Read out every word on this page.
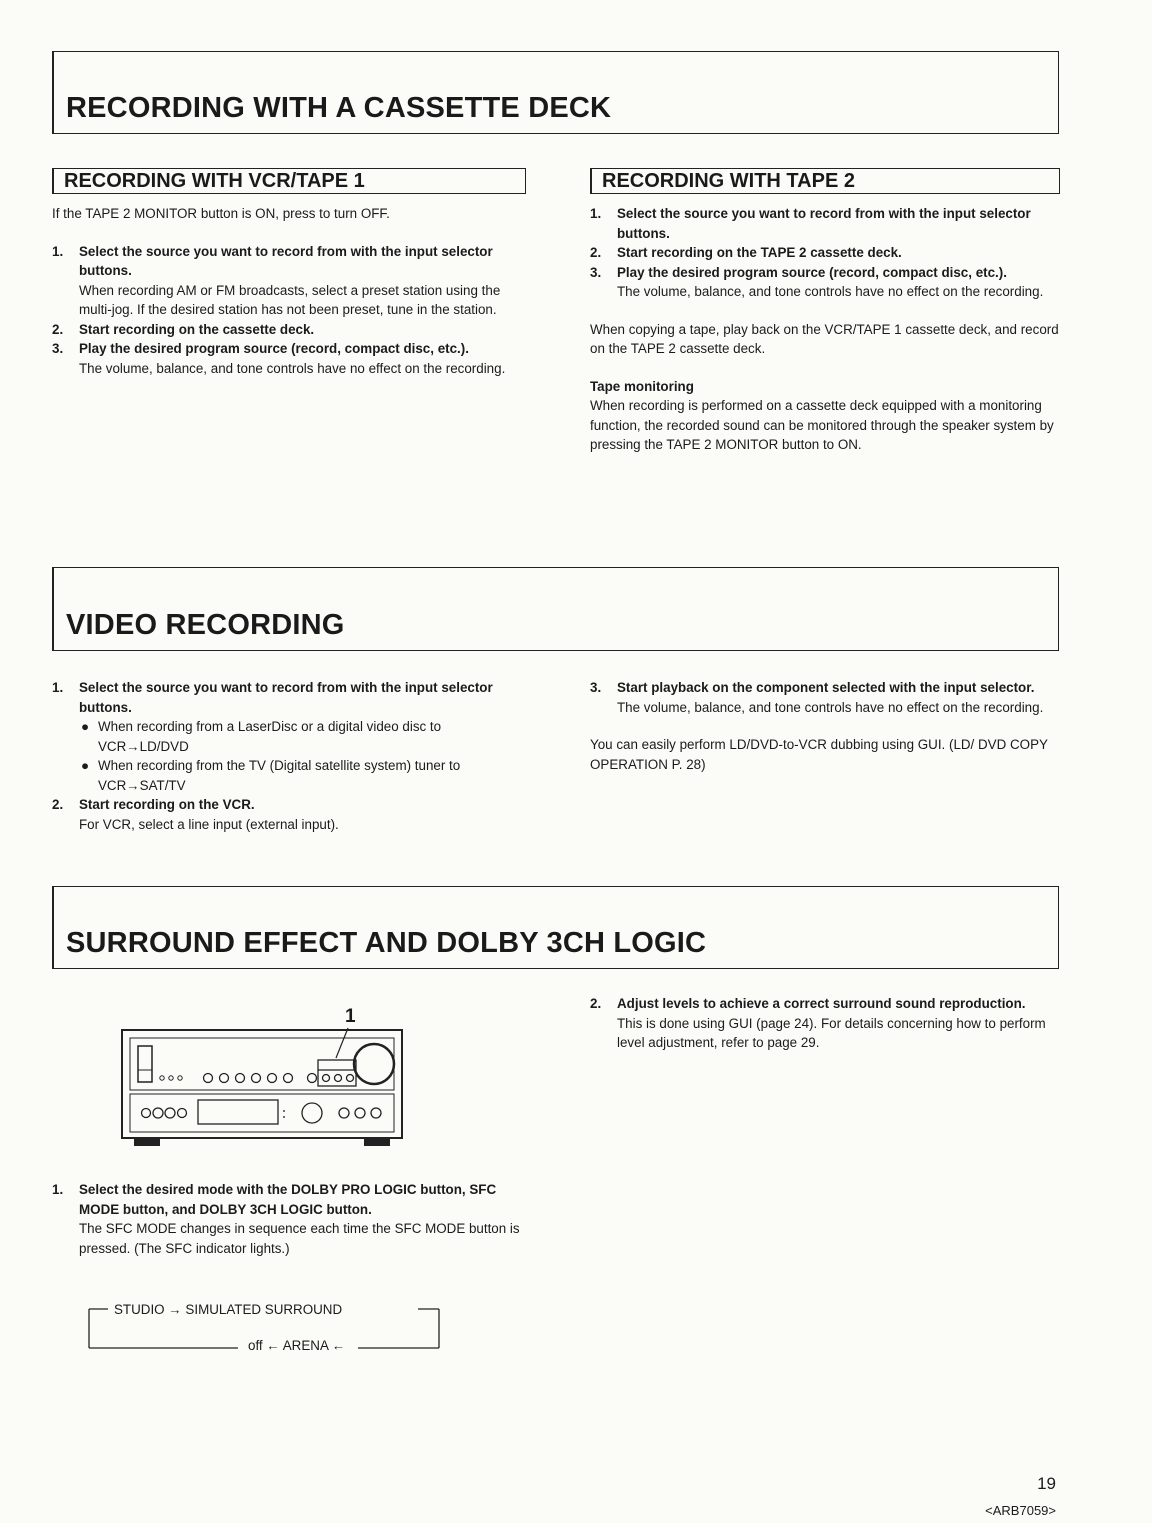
RECORDING WITH A CASSETTE DECK
RECORDING WITH VCR/TAPE 1	RECORDING WITH TAPE 2

If the TAPE 2 MONITOR button is ON, press to turn OFF.

1. Select the source you want to record from with the input selector buttons.

When recording AM or FM broadcasts, select a preset station using the multi-jog. If the desired station has not been preset, tune in the station.

2. Start recording on the cassette deck.

3. Play the desired program source (record, compact disc, etc.).

The volume, balance, and tone controls have no effect on the recording.

1. Select the source you want to record from with the input selector buttons.

2. Start recording on the TAPE 2 cassette deck.

3. Play the desired program source (record, compact disc, etc.).

The volume, balance, and tone controls have no effect on the recording.

When copying a tape, play back on the VCR/TAPE 1 cassette deck, and record on the TAPE 2 cassette deck.

Tape monitoring

When recording is performed on a cassette deck equipped with a monitoring function, the recorded sound can be monitored through the speaker system by pressing the TAPE 2 MONITOR button to ON.

VIDEO RECORDING
1. Select the source you want to record from with the input selector buttons.

● When recording from a LaserDisc or a digital video disc to VCR→LD/DVD

● When recording from the TV (Digital satellite system) tuner to VCR→SAT/TV

2. Start recording on the VCR.

For VCR, select a line input (external input).

3. Start playback on the component selected with the input selector.

The volume, balance, and tone controls have no effect on the recording.

You can easily perform LD/DVD-to-VCR dubbing using GUI. (LD/ DVD COPY OPERATION P. 28)

SURROUND EFFECT AND DOLBY 3CH LOGIC
1
1. Select the desired mode with the DOLBY PRO LOGIC button, SFC MODE button, and DOLBY 3CH LOGIC button.

The SFC MODE changes in sequence each time the SFC MODE button is pressed. (The SFC indicator lights.)

STUDIO → SIMULATED SURROUND
off ← ARENA ←
2. Adjust levels to achieve a correct surround sound reproduction.

This is done using GUI (page 24). For details concerning how to perform level adjustment, refer to page 29.

19
<ARB7059>
